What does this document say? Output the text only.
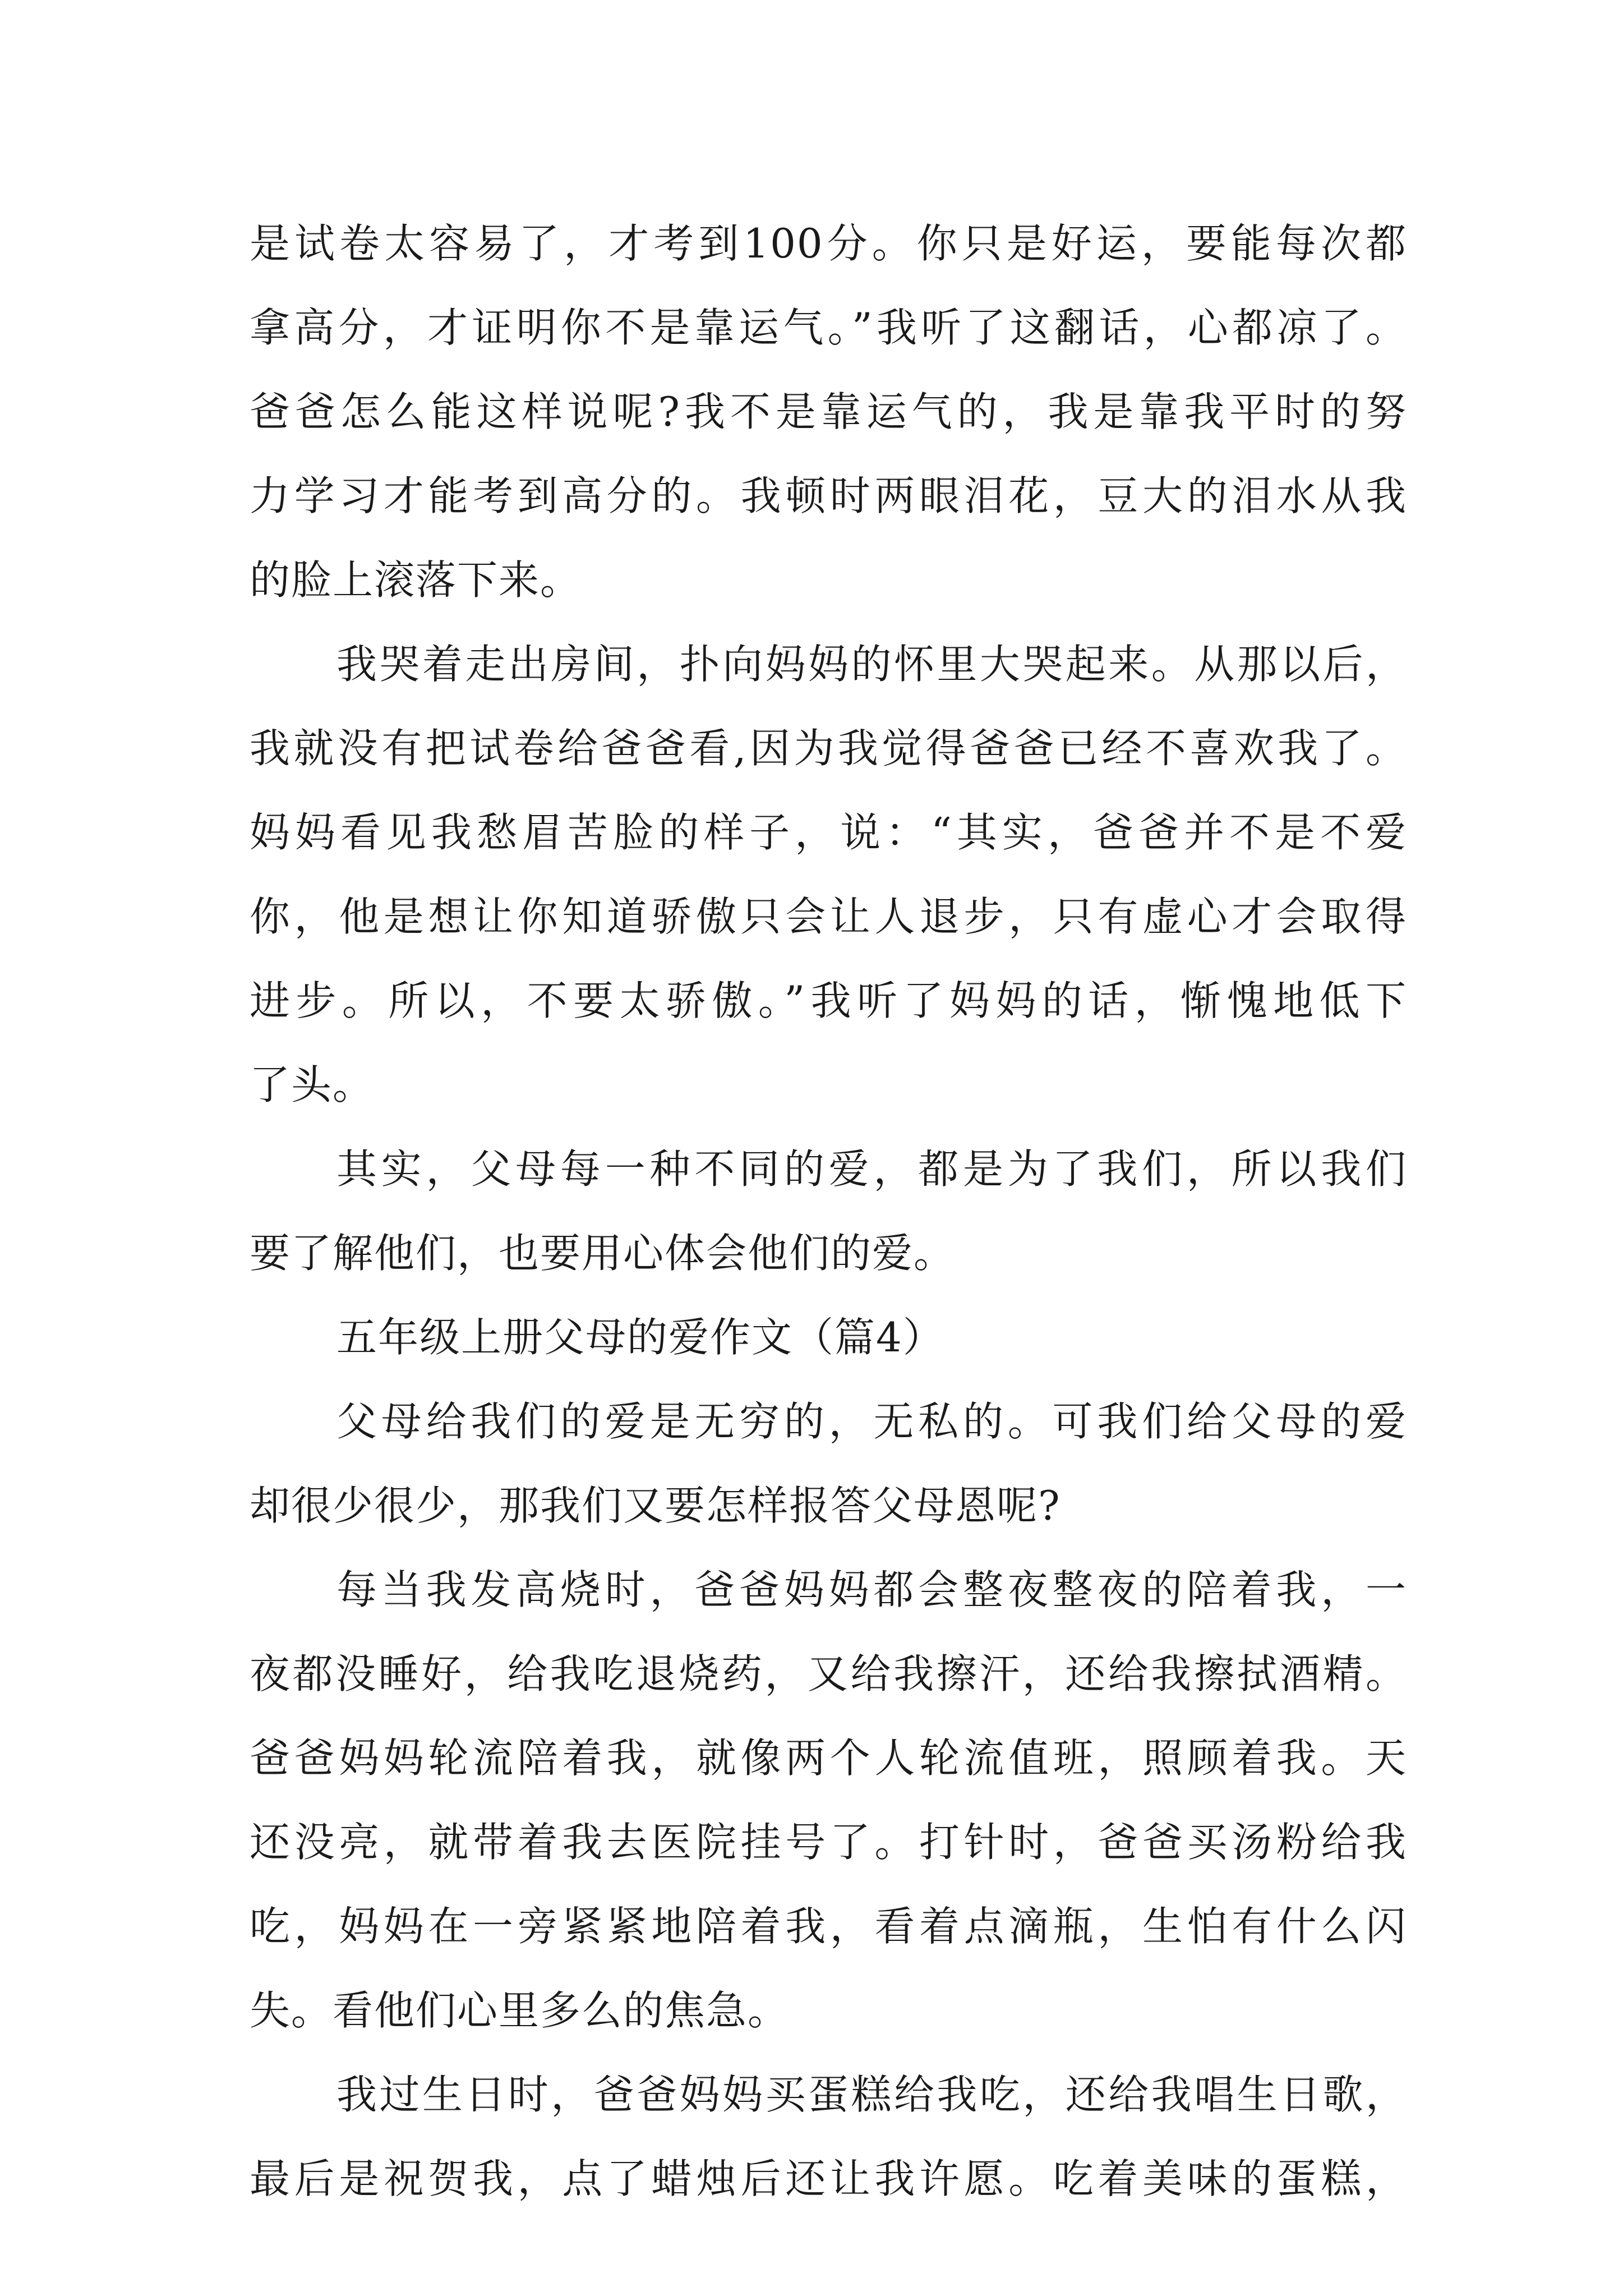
是试卷太容易了，才考到100分。你只是好运，要能每次都
拿高分，才证明你不是靠运气。”我听了这翻话，心都凉了。
爸爸怎么能这样说呢?我不是靠运气的，我是靠我平时的努
力学习才能考到高分的。我顿时两眼泪花，豆大的泪水从我
的脸上滚落下来。
我哭着走出房间，扑向妈妈的怀里大哭起来。从那以后，
我就没有把试卷给爸爸看,因为我觉得爸爸已经不喜欢我了。
妈妈看见我愁眉苦脸的样子，说：“其实，爸爸并不是不爱
你，他是想让你知道骄傲只会让人退步，只有虚心才会取得
进步。所以，不要太骄傲。”我听了妈妈的话，惭愧地低下
了头。
其实，父母每一种不同的爱，都是为了我们，所以我们
要了解他们，也要用心体会他们的爱。
五年级上册父母的爱作文（篇4）
父母给我们的爱是无穷的，无私的。可我们给父母的爱
却很少很少，那我们又要怎样报答父母恩呢?
每当我发高烧时，爸爸妈妈都会整夜整夜的陪着我，一
夜都没睡好，给我吃退烧药，又给我擦汗，还给我擦拭酒精。
爸爸妈妈轮流陪着我，就像两个人轮流值班，照顾着我。天
还没亮，就带着我去医院挂号了。打针时，爸爸买汤粉给我
吃，妈妈在一旁紧紧地陪着我，看着点滴瓶，生怕有什么闪
失。看他们心里多么的焦急。
我过生日时，爸爸妈妈买蛋糕给我吃，还给我唱生日歌，
最后是祝贺我，点了蜡烛后还让我许愿。吃着美味的蛋糕，
